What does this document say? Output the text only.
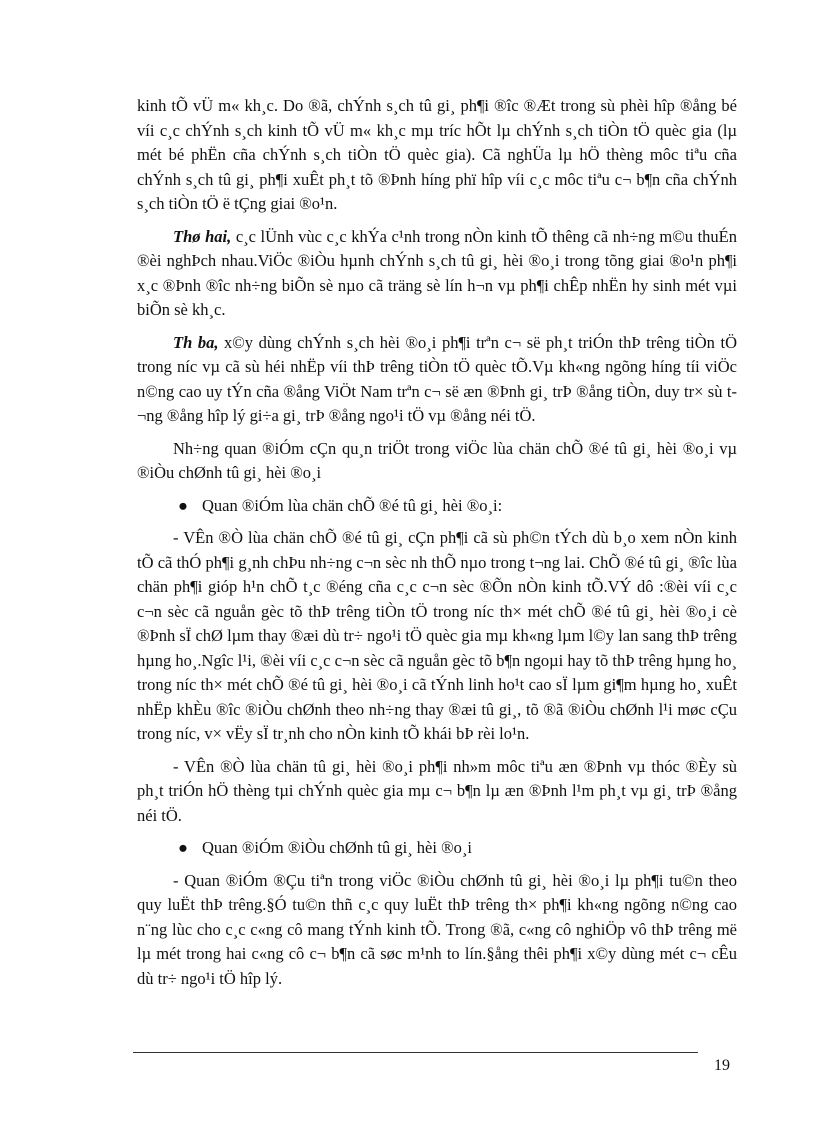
kinh tÕ vÜ m« kh¸c. Do ®ã, chÝnh s¸ch tû gi¸ ph¶i ®îc ®Æt trong sù phèi hîp ®ång bé víi c¸c chÝnh s¸ch kinh tÕ vÜ m« kh¸c mµ tríc hÕt lµ chÝnh s¸ch tiÒn tÖ quèc gia (lµ mét bé phËn cña chÝnh s¸ch tiÒn tÖ quèc gia). Cã nghÜa lµ hÖ thèng môc tiªu cña chÝnh s¸ch tû gi¸ ph¶i xuÊt ph¸t tõ ®Þnh híng phï hîp víi c¸c môc tiªu c¬ b¶n cña chÝnh s¸ch tiÒn tÖ ë tÇng giai ®o¹n.

Thø hai, c¸c lÜnh vùc c¸c khÝa c¹nh trong nÒn kinh tÕ thêng cã nh÷ng m©u thuÉn ®èi nghÞch nhau.ViÖc ®iÒu hµnh chÝnh s¸ch tû gi¸ hèi ®o¸i trong tõng giai ®o¹n ph¶i x¸c ®Þnh ®îc nh÷ng biÕn sè nµo cã träng sè lín h¬n vµ ph¶i chÊp nhËn hy sinh mét vµi biÕn sè kh¸c.

Th ba, x©y dùng chÝnh s¸ch hèi ®o¸i ph¶i trªn c¬ së ph¸t triÓn thÞ trêng tiÒn tÖ trong níc vµ cã sù héi nhËp víi thÞ trêng tiÒn tÖ quèc tÕ.Vµ kh«ng ngõng híng tíi viÖc n©ng cao uy tÝn cña ®ång ViÖt Nam trªn c¬ së æn ®Þnh gi¸ trÞ ®ång tiÒn, duy tr× sù t¬ng ®ång hîp lý gi÷a gi¸ trÞ ®ång ngo¹i tÖ vµ ®ång néi tÖ.

Nh÷ng quan ®iÓm cÇn qu¸n triÖt trong viÖc lùa chän chÕ ®é tû gi¸ hèi ®o¸i vµ ®iÒu chØnh tû gi¸ hèi ®o¸i

● Quan ®iÓm lùa chän chÕ ®é tû gi¸ hèi ®o¸i:

- VÊn ®Ò lùa chän chÕ ®é tû gi¸ cÇn ph¶i cã sù ph©n tÝch dù b¸o xem nÒn kinh tÕ cã thÓ ph¶i g¸nh chÞu nh÷ng c¬n sèc nh thÕ nµo trong t¬ng lai. ChÕ ®é tû gi¸ ®îc lùa chän ph¶i gióp h¹n chÕ t¸c ®éng cña c¸c c¬n sèc ®Õn nÒn kinh tÕ.VÝ dô :®èi víi c¸c c¬n sèc cã nguån gèc tõ thÞ trêng tiÒn tÖ trong níc th× mét chÕ ®é tû gi¸ hèi ®o¸i cè ®Þnh sÏ chØ lµm thay ®æi dù tr÷ ngo¹i tÖ quèc gia mµ kh«ng lµm l©y lan sang thÞ trêng hµng ho¸.Ngîc l¹i, ®èi víi c¸c c¬n sèc cã nguån gèc tõ b¶n ngoµi hay tõ thÞ trêng hµng ho¸ trong níc th× mét chÕ ®é tû gi¸ hèi ®o¸i cã tÝnh linh ho¹t cao sÏ lµm gi¶m hµng ho¸ xuÊt nhËp khÈu ®îc ®iÒu chØnh theo nh÷ng thay ®æi tû gi¸, tõ ®ã ®iÒu chØnh l¹i møc cÇu trong níc, v× vËy sÏ tr¸nh cho nÒn kinh tÕ khái bÞ rèi lo¹n.

- VÊn ®Ò lùa chän tû gi¸ hèi ®o¸i ph¶i nh»m môc tiªu æn ®Þnh vµ thóc ®Èy sù ph¸t triÓn hÖ thèng tµi chÝnh quèc gia mµ c¬ b¶n lµ æn ®Þnh l¹m ph¸t vµ gi¸ trÞ ®ång néi tÖ.

● Quan ®iÓm ®iÒu chØnh tû gi¸ hèi ®o¸i

- Quan ®iÓm ®Çu tiªn trong viÖc ®iÒu chØnh tû gi¸ hèi ®o¸i lµ ph¶i tu©n theo quy luËt thÞ trêng.§Ó tu©n thñ c¸c quy luËt thÞ trêng th× ph¶i kh«ng ngõng n©ng cao n¨ng lùc cho c¸c c«ng cô mang tÝnh kinh tÕ. Trong ®ã, c«ng cô nghiÖp vô thÞ trêng më lµ mét trong hai c«ng cô c¬ b¶n cã søc m¹nh to lín.§ång thêi ph¶i x©y dùng mét c¬ cÊu dù tr÷ ngo¹i tÖ hîp lý.

19
